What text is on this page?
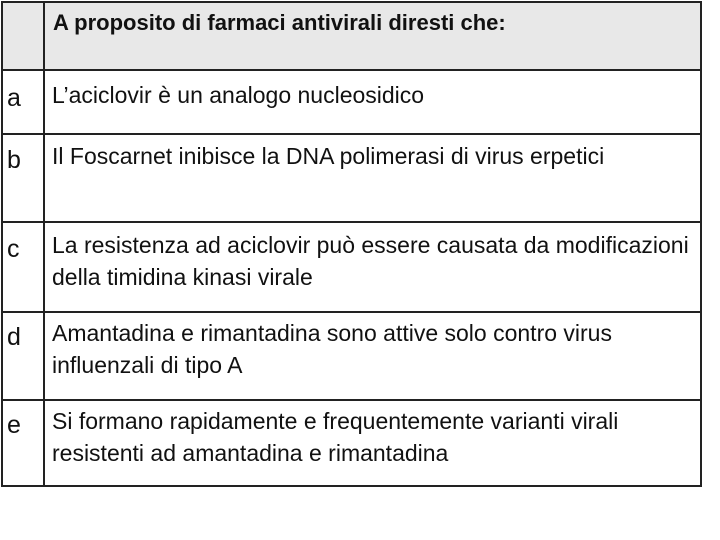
A proposito di farmaci antivirali diresti che:
a	L’aciclovir è un analogo nucleosidico
b	Il Foscarnet inibisce la DNA polimerasi di virus erpetici
c	La resistenza ad aciclovir può essere causata da modificazioni della timidina kinasi virale
d	Amantadina e rimantadina sono attive solo contro virus influenzali di tipo A
e	Si formano rapidamente e frequentemente varianti virali resistenti ad amantadina e rimantadina
